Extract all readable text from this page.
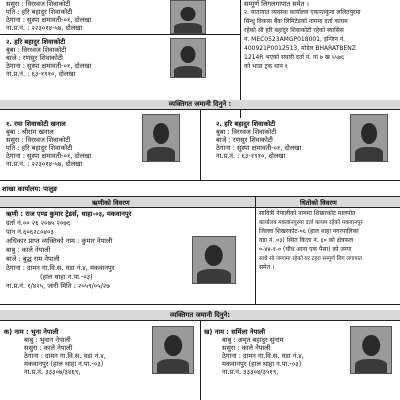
ससुरा : विरध्वज शिवाकोटी
पति : हरि बहादुर शिवाकोटी
ठेगाना : सुस्पा क्षमावती-०१, दोलखा
ना.प्र.नं. : २२३०१४-५७, दोलखा
२. हरि बहादुर शिवाकोटी
बुबा : विरध्वज शिवाकोटी
बाजे : रणसुर शिवाकोटी
ठेगाना : सुस्पा क्षमावती-०१, दोलखा
ना.प्र.नं. : ६३-१९१०, दोलखा
सम्पूर्ण लिगलगापात समेत ।
२. यातायात व्यवस्था कार्यालय एकान्तकुना ललितपुरमा
सिन्धु विकास बैंक लिमिटेडको नाममा दर्ता कायम
रहेको श्री हरि बहादुर शिवाकोटी रहेको ब्यासिस
नं. MEC0523AMGP018001, इन्जिन नं.
400921P0012513, मोडेल BHARATBENZ
1214R भएको सवारी दर्ता नं. ना ७ ख ५५७६
को भाडा ट्रक थान १
व्यक्तिगत जमानी दिनुने :
१. रमा शिवाकोटी खनाल
बुबा : श्रीराम खनाल
ससुरा : विरध्वज शिवाकोटी
पति : हरि बहादुर शिवाकोटी
ठेगाना : सुस्पा क्षमावती-०१, दोलखा
ना.प्र.नं. : २२३०१४-५७, दोलखा
२. हरि बहादुर शिवाकोटी
बुबा : विरध्वज शिवाकोटी
बाजे : रणसुर शिवाकोटी
ठेगाना : सुस्पा क्षमावती-०१, दोलखा
ना.प्र.नं. : ६३-१९१०, दोलखा
शाखा कार्यालय: पालुङ
ऋणीको विवरण	धितोको विवरण
ऋणी : राज एण्ड कुमार ट्रेडर्स, थाहा-०३, मकवानपुर
दर्ता नं.०० २६ २०७५ २०७६
पान नं.६०६२८०४०३
अधिकार प्राप्त व्यक्तिको नाम : कुमार नेपाली
बाबु : काले नेपाली
बाजे : बुद्ध राम नेपाली
ठेगाना : दामन गा.वि.स. वडा नं.४, मकवानपुर
(हाल थाहा न.पा.-०३)
ना.प्र.नं. १/४२५, जारी मिति : २०५९/०५/२७
सावित्री नेपालीको नाममा शिखरकोट मालपोत
कार्यालय मकवानपुरमा दर्ता कायम रहेको मकवानपुर
जिल्ला शिखरकोट-०६ (हाल थाहा नगरपालिका
वडा नं. ०३) स्थित कित्ता नं. ६० को क्षेत्रफल
०-४४-१-० (चौध आना एक पैसा) को जग्गा
साथै सो जग्गामा रहेको घर टहरा सम्पूर्ण लिग लगापात
समेत ।
व्यक्तिगत जमानी दिनुने:
क) नाम : भुना नेपाली
बाबु : भुवान नेपाली
ससुरा : काले नेपाली
ठेगाना : दामन गा.वि.स. वडा नं.४,
मकवानपुर (हाल थाहा न.पा.-०३)
ना.प्र.नं. ३३३०७/३४६९,
ख) नाम : सर्मिला नेपाली
बाबु : अमृत बहादुर सुनाम
ससुरा : काले नेपाली
ठेगाना : दामन गा.वि.स. वडा नं.४,
मकवानपुर (हाल थाहा न.पा.-०३)
ना.प्र.नं. ३३३०४/३५१९,
